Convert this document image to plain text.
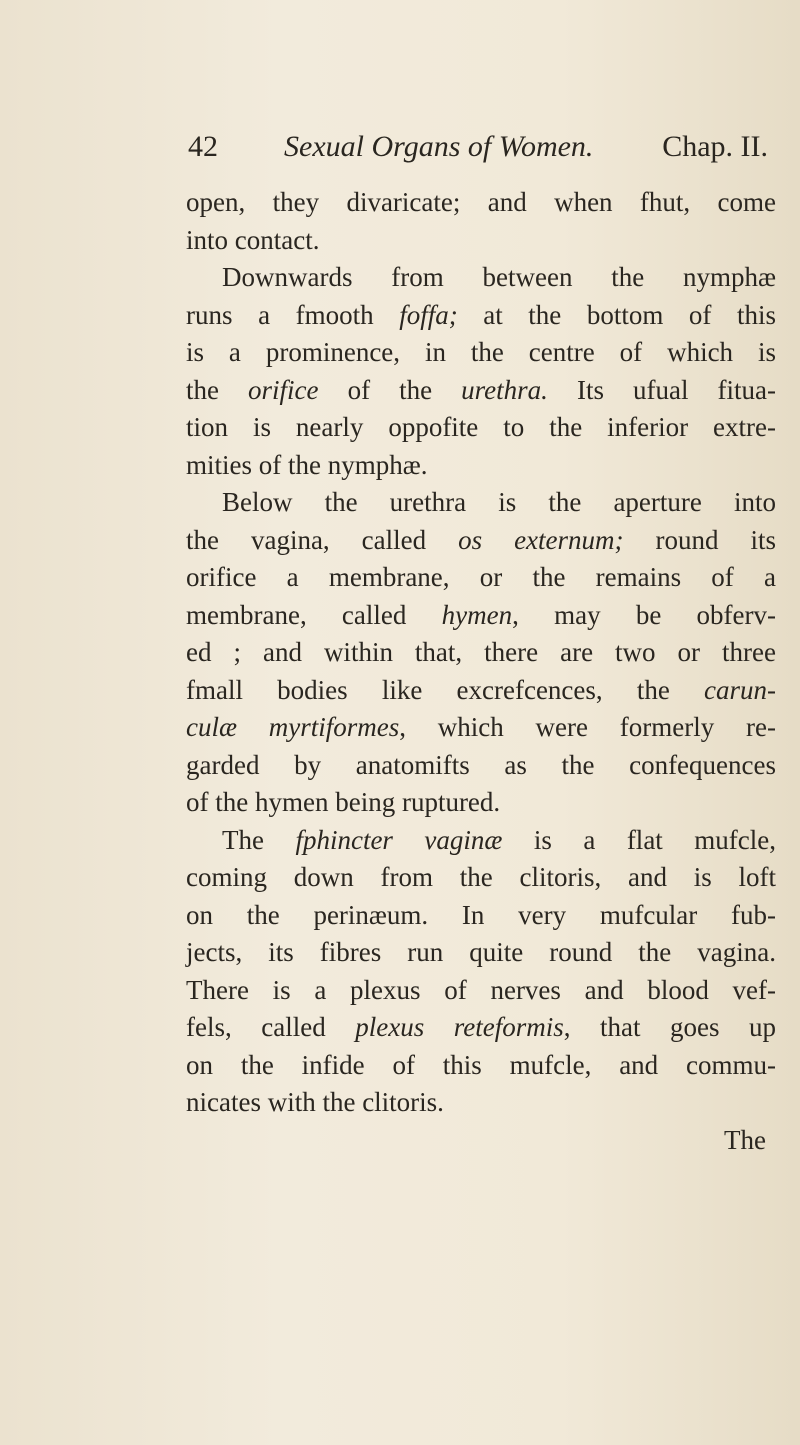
42 Sexual Organs of Women. Chap. II.
open, they divaricate; and when fhut, come
into contact.
Downwards from between the nymphæ
runs a fmooth foffa; at the bottom of this
is a prominence, in the centre of which is
the orifice of the urethra. Its ufual fitua-
tion is nearly oppofite to the inferior extre-
mities of the nymphæ.
Below the urethra is the aperture into
the vagina, called os externum; round its
orifice a membrane, or the remains of a
membrane, called hymen, may be obferv-
ed ; and within that, there are two or three
fmall bodies like excrefcences, the carun-
culæ myrtiformes, which were formerly re-
garded by anatomifts as the confequences
of the hymen being ruptured.
The fphincter vaginæ is a flat mufcle,
coming down from the clitoris, and is loft
on the perinæum. In very mufcular fub-
jects, its fibres run quite round the vagina.
There is a plexus of nerves and blood vef-
fels, called plexus reteformis, that goes up
on the infide of this mufcle, and commu-
nicates with the clitoris.
The
